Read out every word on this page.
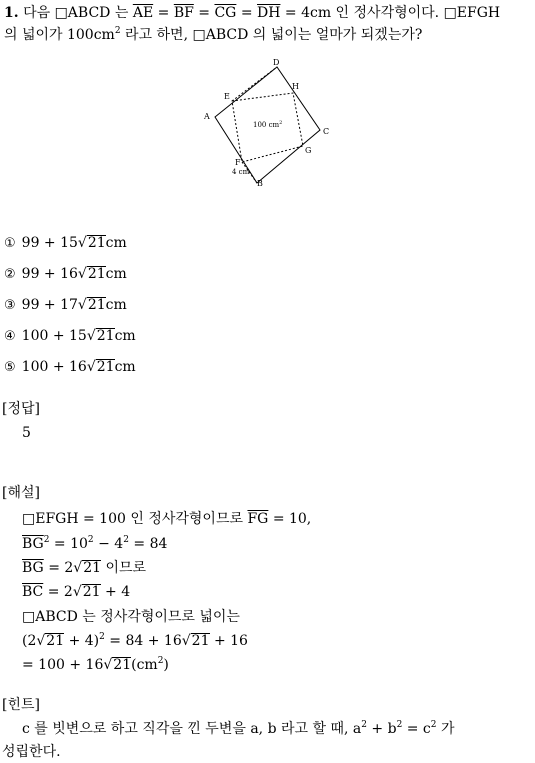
1. 다음 □ABCD 는 $\overline{AE} = \overline{BF} = \overline{CG} = \overline{DH} = 4cm$ 인 정사각형이다. □EFGH
의 넓이가 $100cm^2$ 라고 하면, □ABCD 의 넓이는 얼마가 되겠는가?
D
H
E
A
C
G
F
B
100 $cm^2$
4 cm
① 99 + 15√21cm
② 99 + 16√21cm
③ 99 + 17√21cm
④ 100 + 15√21cm
⑤ 100 + 16√21cm
[정답]
5
[해설]
□EFGH = 100 인 정사각형이므로 $\overline{FG} = 10$,
$\overline{BG}^2 = 10^2 - 4^2 = 84$
$\overline{BG} = 2√21$ 이므로
$\overline{BC} = 2√21 + 4$
□ABCD 는 정사각형이므로 넓이는
$(2√21 + 4)^2 = 84 + 16√21 + 16$
= $100 + 16√21(cm^2)$
[힌트]
c 를 빗변으로 하고 직각을 낀 두변을 a, b 라고 할 때, $a^2 + b^2 = c^2$ 가
성립한다.
